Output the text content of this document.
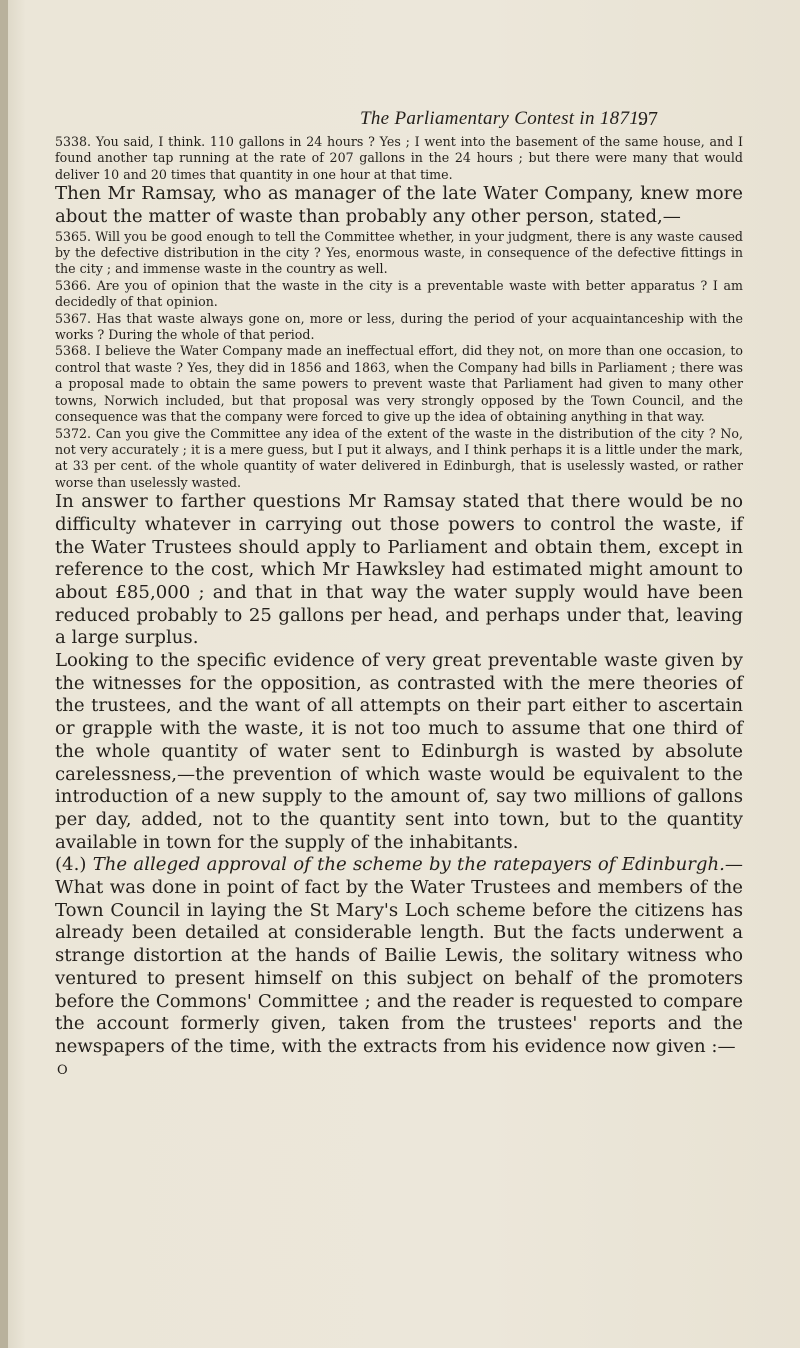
The Parliamentary Contest in 1871.
97

5338. You said, I think. 110 gallons in 24 hours ? Yes ; I went into the basement of the same house, and I found another tap running at the rate of 207 gallons in the 24 hours ; but there were many that would deliver 10 and 20 times that quantity in one hour at that time.

Then Mr Ramsay, who as manager of the late Water Company, knew more about the matter of waste than probably any other person, stated,—

5365. Will you be good enough to tell the Committee whether, in your judgment, there is any waste caused by the defective distribution in the city ? Yes, enormous waste, in consequence of the defective fittings in the city ; and immense waste in the country as well.

5366. Are you of opinion that the waste in the city is a preventable waste with better apparatus ? I am decidedly of that opinion.

5367. Has that waste always gone on, more or less, during the period of your acquaintanceship with the works ? During the whole of that period.

5368. I believe the Water Company made an ineffectual effort, did they not, on more than one occasion, to control that waste ? Yes, they did in 1856 and 1863, when the Company had bills in Parliament ; there was a proposal made to obtain the same powers to prevent waste that Parliament had given to many other towns, Norwich included, but that proposal was very strongly opposed by the Town Council, and the consequence was that the company were forced to give up the idea of obtaining anything in that way.

5372. Can you give the Committee any idea of the extent of the waste in the distribution of the city ? No, not very accurately ; it is a mere guess, but I put it always, and I think perhaps it is a little under the mark, at 33 per cent. of the whole quantity of water delivered in Edinburgh, that is uselessly wasted, or rather worse than uselessly wasted.

In answer to farther questions Mr Ramsay stated that there would be no difficulty whatever in carrying out those powers to control the waste, if the Water Trustees should apply to Parliament and obtain them, except in reference to the cost, which Mr Hawksley had estimated might amount to about £85,000 ; and that in that way the water supply would have been reduced probably to 25 gallons per head, and perhaps under that, leaving a large surplus.

Looking to the specific evidence of very great preventable waste given by the witnesses for the opposition, as contrasted with the mere theories of the trustees, and the want of all attempts on their part either to ascertain or grapple with the waste, it is not too much to assume that one third of the whole quantity of water sent to Edinburgh is wasted by absolute carelessness,—the prevention of which waste would be equivalent to the introduction of a new supply to the amount of, say two millions of gallons per day, added, not to the quantity sent into town, but to the quantity available in town for the supply of the inhabitants.

(4.) The alleged approval of the scheme by the ratepayers of Edinburgh.—What was done in point of fact by the Water Trustees and members of the Town Council in laying the St Mary's Loch scheme before the citizens has already been detailed at considerable length. But the facts underwent a strange distortion at the hands of Bailie Lewis, the solitary witness who ventured to present himself on this subject on behalf of the promoters before the Commons' Committee ; and the reader is requested to compare the account formerly given, taken from the trustees' reports and the newspapers of the time, with the extracts from his evidence now given :—

O
